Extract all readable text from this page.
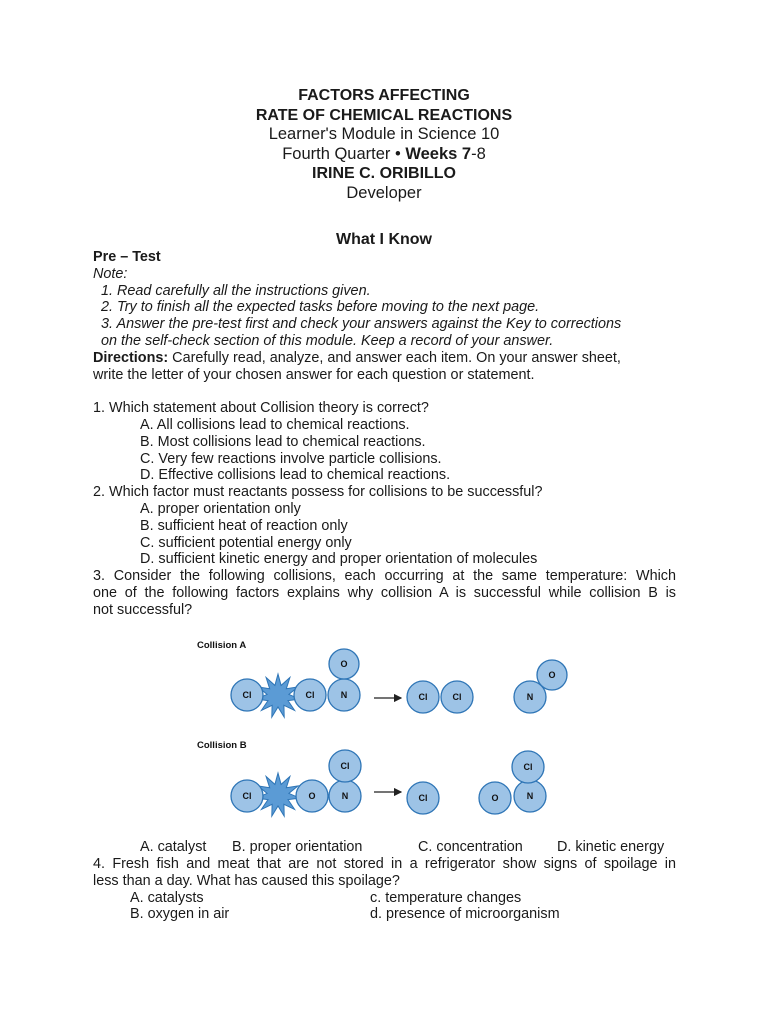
FACTORS AFFECTING
RATE OF CHEMICAL REACTIONS
Learner's Module in Science 10
Fourth Quarter • Weeks 7-8
IRINE C. ORIBILLO
Developer
What I Know
Pre – Test
Note:
1. Read carefully all the instructions given.
2. Try to finish all the expected tasks before moving to the next page.
3. Answer the pre-test first and check your answers against the Key to corrections
on the self-check section of this module. Keep a record of your answer.
Directions: Carefully read, analyze, and answer each item. On your answer sheet,
write the letter of your chosen answer for each question or statement.
1. Which statement about Collision theory is correct?
A. All collisions lead to chemical reactions.
B. Most collisions lead to chemical reactions.
C. Very few reactions involve particle collisions.
D. Effective collisions lead to chemical reactions.
2. Which factor must reactants possess for collisions to be successful?
A. proper orientation only
B. sufficient heat of reaction only
C. sufficient potential energy only
D. sufficient kinetic energy and proper orientation of molecules
3. Consider the following collisions, each occurring at the same temperature: Which
one of the following factors explains why collision A is successful while collision B is
not successful?
Collision A
Cl	Cl	N
O
Cl	Cl	N
O
Collision B
Cl	O	N
Cl
Cl	O	N
Cl
A. catalyst B. proper orientation	C. concentration D. kinetic energy
4. Fresh fish and meat that are not stored in a refrigerator show signs of spoilage in
less than a day. What has caused this spoilage?
A. catalysts	c. temperature changes
B. oxygen in air	d. presence of microorganism
